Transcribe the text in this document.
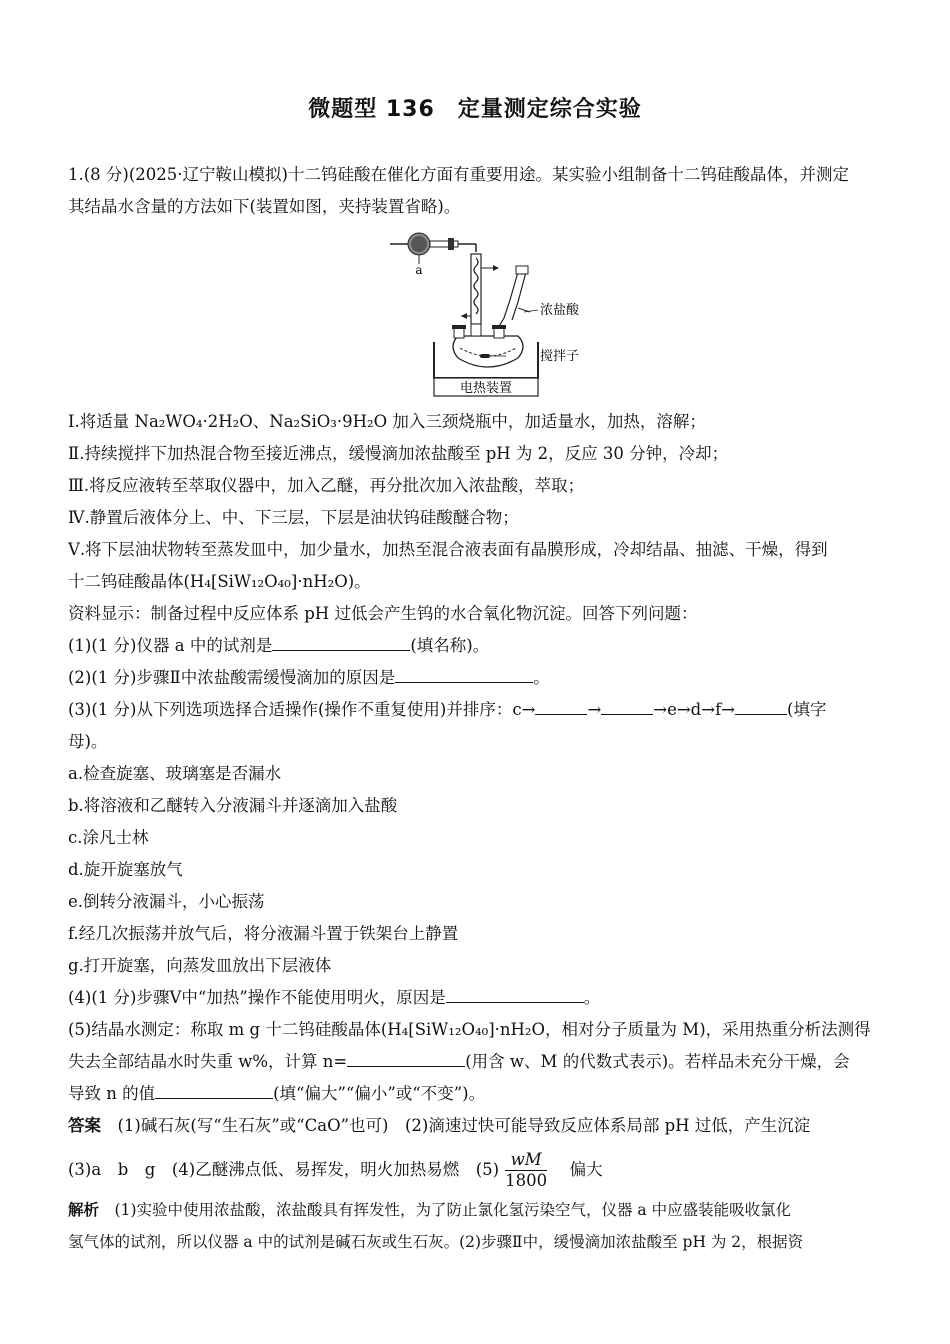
微题型 136　定量测定综合实验
1.(8 分)(2025·辽宁鞍山模拟)十二钨硅酸在催化方面有重要用途。某实验小组制备十二钨硅酸晶体，并测定
其结晶水含量的方法如下(装置如图，夹持装置省略)。
a
浓盐酸
搅拌子
电热装置
Ⅰ.将适量 Na₂WO₄·2H₂O、Na₂SiO₃·9H₂O 加入三颈烧瓶中，加适量水，加热，溶解；
Ⅱ.持续搅拌下加热混合物至接近沸点，缓慢滴加浓盐酸至 pH 为 2，反应 30 分钟，冷却；
Ⅲ.将反应液转至萃取仪器中，加入乙醚，再分批次加入浓盐酸，萃取；
Ⅳ.静置后液体分上、中、下三层，下层是油状钨硅酸醚合物；
Ⅴ.将下层油状物转至蒸发皿中，加少量水，加热至混合液表面有晶膜形成，冷却结晶、抽滤、干燥，得到
十二钨硅酸晶体(H₄[SiW₁₂O₄₀]·nH₂O)。
资料显示：制备过程中反应体系 pH 过低会产生钨的水合氧化物沉淀。回答下列问题：
(1)(1 分)仪器 a 中的试剂是	(填名称)。
(2)(1 分)步骤Ⅱ中浓盐酸需缓慢滴加的原因是	。
(3)(1 分)从下列选项选择合适操作(操作不重复使用)并排序：c→	→	→e→d→f→	(填字
母)。
a.检查旋塞、玻璃塞是否漏水
b.将溶液和乙醚转入分液漏斗并逐滴加入盐酸
c.涂凡士林
d.旋开旋塞放气
e.倒转分液漏斗，小心振荡
f.经几次振荡并放气后，将分液漏斗置于铁架台上静置
g.打开旋塞，向蒸发皿放出下层液体
(4)(1 分)步骤Ⅴ中“加热”操作不能使用明火，原因是	。
(5)结晶水测定：称取 m g 十二钨硅酸晶体(H₄[SiW₁₂O₄₀]·nH₂O，相对分子质量为 M)，采用热重分析法测得
失去全部结晶水时失重 w%，计算 n=	(用含 w、M 的代数式表示)。若样品未充分干燥，会
导致 n 的值	(填“偏大”“偏小”或“不变”)。
答案　 (1)碱石灰(写“生石灰”或“CaO”也可)　(2)滴速过快可能导致反应体系局部 pH 过低，产生沉淀
(3)a　b　g　(4)乙醚沸点低、易挥发，明火加热易燃　$(5) \frac{wM}{1800}$
　 偏大
解析　 (1)实验中使用浓盐酸，浓盐酸具有挥发性，为了防止氯化氢污染空气，仪器 a 中应盛装能吸收氯化
氢气体的试剂，所以仪器 a 中的试剂是碱石灰或生石灰。(2)步骤Ⅱ中，缓慢滴加浓盐酸至 pH 为 2，根据资
